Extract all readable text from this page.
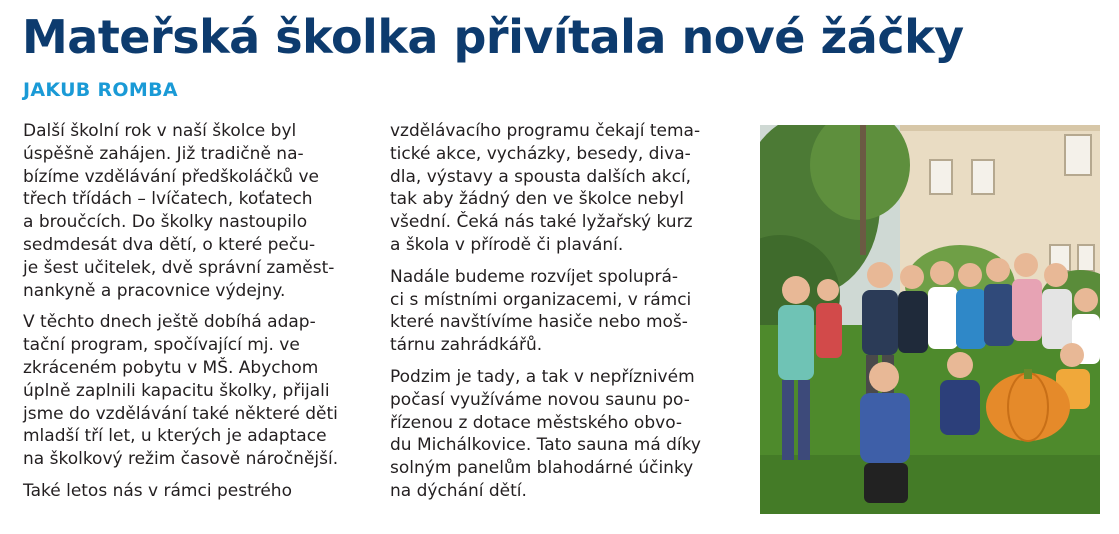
Mateřská školka přivítala nové žáčky
JAKUB ROMBA

Další školní rok v naší školce byl
úspěšně zahájen. Již tradičně na-
bízíme vzdělávání předškoláčků ve
třech třídách – lvíčatech, koťatech
a broučcích. Do školky nastoupilo
sedmdesát dva dětí, o které peču-
je šest učitelek, dvě správní zaměst-
nankyně a pracovnice výdejny.

V těchto dnech ještě dobíhá adap-
tační program, spočívající mj. ve
zkráceném pobytu v MŠ. Abychom
úplně zaplnili kapacitu školky, přijali
jsme do vzdělávání také některé děti
mladší tří let, u kterých je adaptace
na školkový režim časově náročnější.

Také letos nás v rámci pestrého

vzdělávacího programu čekají tema-
tické akce, vycházky, besedy, diva-
dla, výstavy a spousta dalších akcí,
tak aby žádný den ve školce nebyl
všední. Čeká nás také lyžařský kurz
a škola v přírodě či plavání.

Nadále budeme rozvíjet spoluprá-
ci s místními organizacemi, v rámci
které navštívíme hasiče nebo moš-
tárnu zahrádkářů.

Podzim je tady, a tak v nepříznivém
počasí využíváme novou saunu po-
řízenou z dotace městského obvo-
du Michálkovice. Tato sauna má díky
solným panelům blahodárné účinky
na dýchání dětí.
